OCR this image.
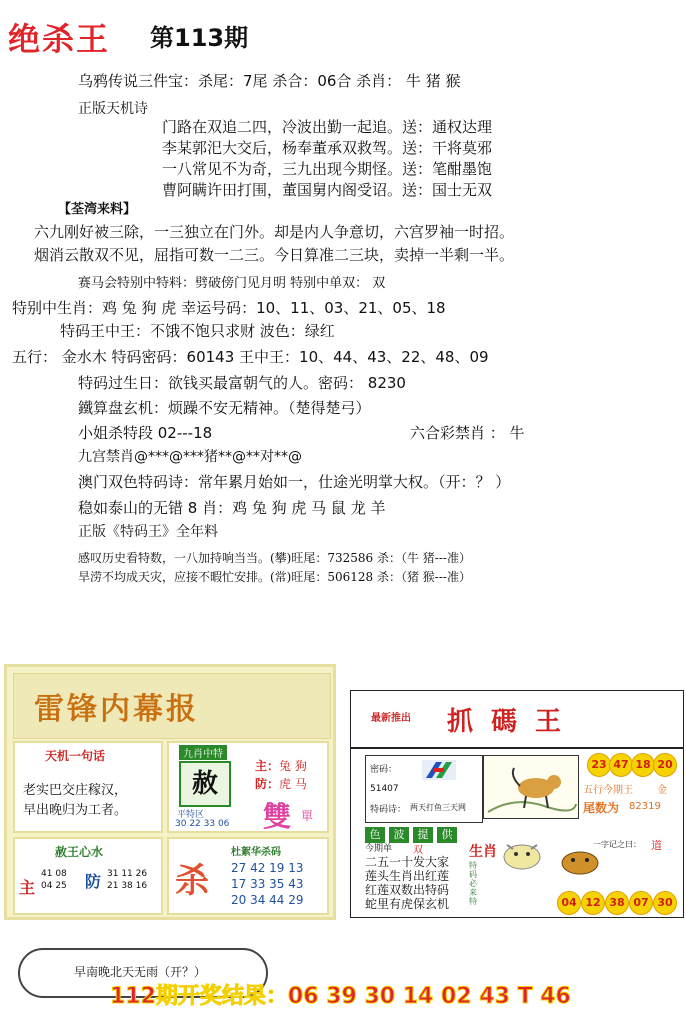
绝杀王 第113期
乌鸦传说三件宝：杀尾：7尾 杀合：06合 杀肖： 牛 猪 猴
正版天机诗
门路在双追二四，冷波出勤一起追。送：通权达理
李某郭汜大交后，杨奉董承双救驾。送：干将莫邪
一八常见不为奇，三九出现今期怪。送：笔酣墨饱
曹阿瞒许田打围，董国舅内阁受诏。送：国士无双
【荃湾来料】
六九刚好被三除，一三独立在门外。却是内人争意切，六宫罗袖一时招。
烟消云散双不见，屈指可数一二三。今日算准二三块，卖掉一半剩一半。
赛马会特别中特料：劈破傍门见月明 特别中单双： 双
特别中生肖：鸡 兔 狗 虎 幸运号码：10、11、03、21、05、18
特码王中王：不饿不饱只求财 波色：绿红
五行： 金水木 特码密码：60143 王中王：10、44、43、22、48、09
特码过生日：欲钱买最富朝气的人。密码： 8230
鐵算盘玄机：烦躁不安无精神。（楚得楚弓）
小姐杀特段 02---18	六合彩禁肖 ： 牛
九宫禁肖@***@***猪**@**对**@
澳门双色特码诗：常年累月始如一，仕途光明掌大权。（开：？ ）
稳如泰山的无错 8 肖：鸡 兔 狗 虎 马 鼠 龙 羊
正版《特码王》全年料
感叹历史看特数，一八加持响当当。(攀)旺尾：732586 杀：（牛 猪---准）
旱涝不均成天灾，应接不暇忙安排。(常)旺尾：506128 杀：（猪 猴---准）
雷锋内幕报
天机一句话
老实巴交庄稼汉，
早出晚归为工者。
九肖中特
赦
平特区
30 22 33 06
主： 兔 狗
防： 虎 马
雙 單
赦王心水
主
41 08
04 25 防 31 11 26
21 38 16 杀
杜絮华杀码
27 42 19 13
17 33 35 43
20 34 44 29
最新推出 抓碼王
23 47 18 20
密码：
51407
特码诗： 两天打鱼三天网
五行今期王 金
尾数为 82319
色 波 提 供
今期单 双
二五一十发大家
莲头生肖出红莲
红莲双数出特码
蛇里有虎保玄机
生肖
特码必来特
一字记之曰： 道
04 12 38 07 30
早南晚北天无雨（开？）
112期开奖结果：06 39 30 14 02 43 T 46
